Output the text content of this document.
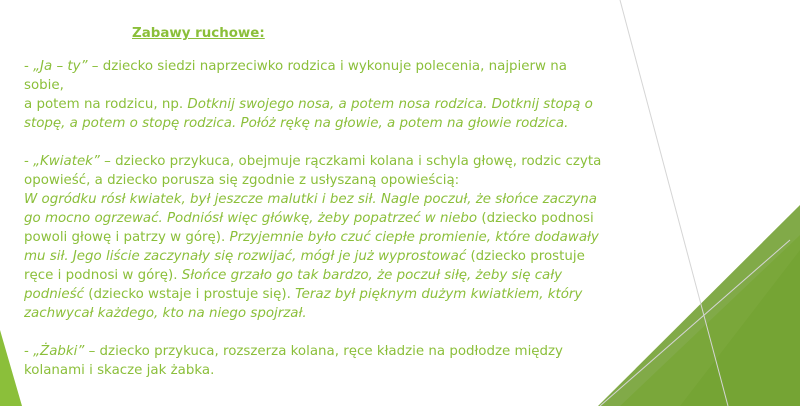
Zabawy ruchowe:
- „Ja – ty” – dziecko siedzi naprzeciwko rodzica i wykonuje polecenia, najpierw na sobie,
a potem na rodzicu, np. Dotknij swojego nosa, a potem nosa rodzica. Dotknij stopą o stopę, a potem o stopę rodzica. Połóż rękę na głowie, a potem na głowie rodzica.
- „Kwiatek” – dziecko przykuca, obejmuje rączkami kolana i schyla głowę, rodzic czyta opowieść, a dziecko porusza się zgodnie z usłyszaną opowieścią:
W ogródku rósł kwiatek, był jeszcze malutki i bez sił. Nagle poczuł, że słońce zaczyna go mocno ogrzewać. Podniósł więc główkę, żeby popatrzeć w niebo (dziecko podnosi powoli głowę i patrzy w górę). Przyjemnie było czuć ciepłe promienie, które dodawały mu sił. Jego liście zaczynały się rozwijać, mógł je już wyprostować (dziecko prostuje ręce i podnosi w górę). Słońce grzało go tak bardzo, że poczuł siłę, żeby się cały podnieść (dziecko wstaje i prostuje się). Teraz był pięknym dużym kwiatkiem, który zachwycał każdego, kto na niego spojrzał.
- „Żabki” – dziecko przykuca, rozszerza kolana, ręce kładzie na podłodze między kolanami i skacze jak żabka.
